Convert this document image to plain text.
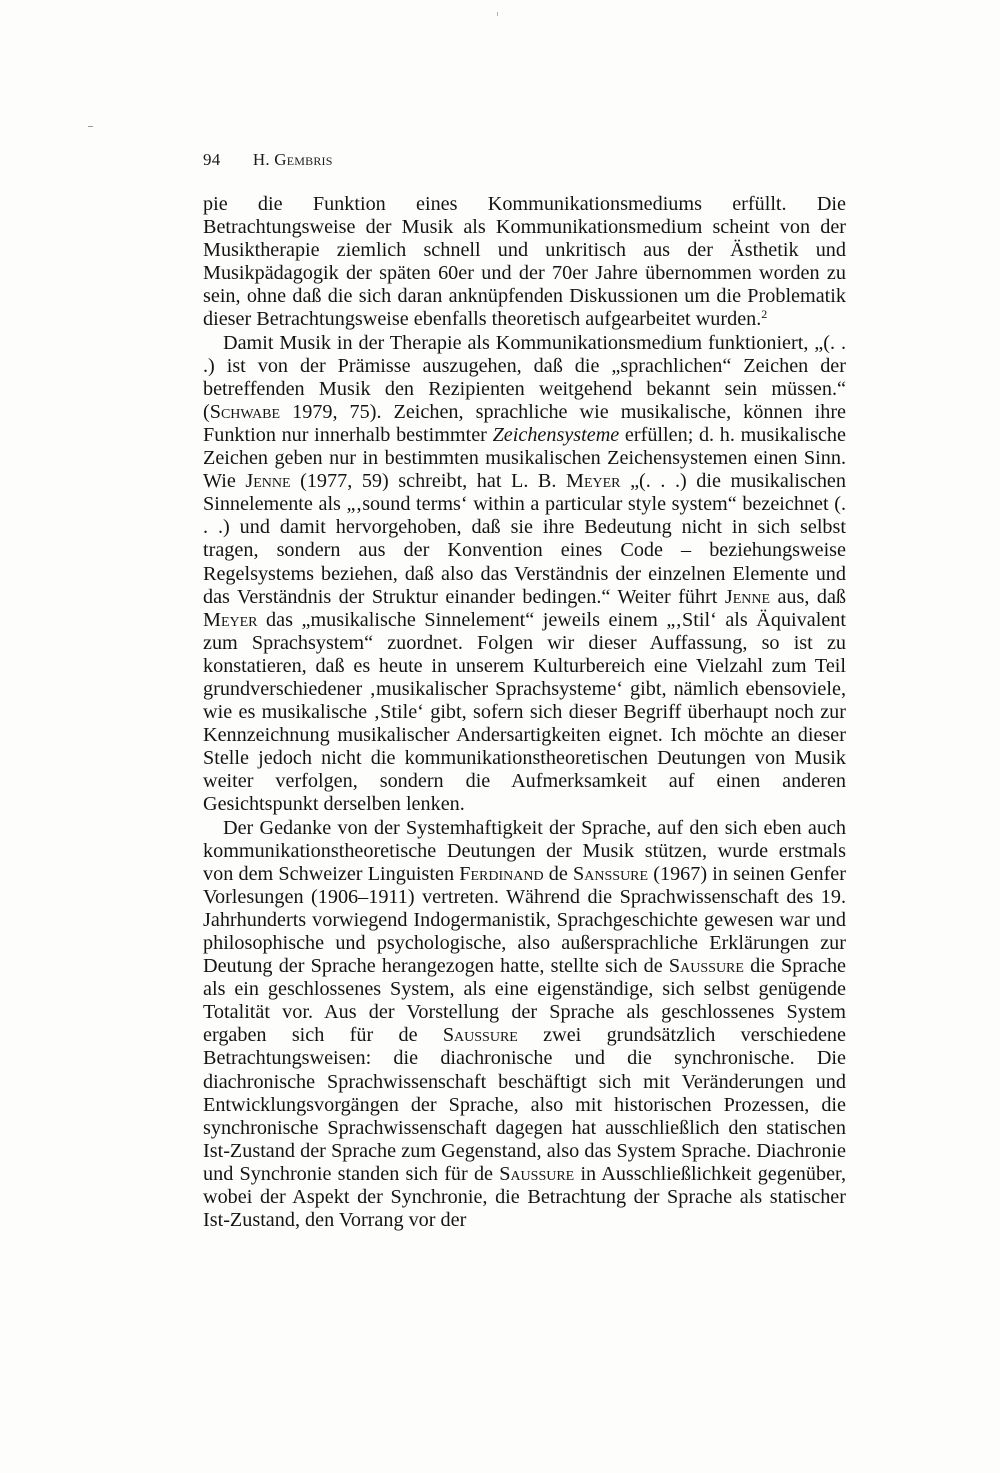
94 H. Gembris

pie die Funktion eines Kommunikationsmediums erfüllt. Die Betrachtungsweise der Musik als Kommunikationsmedium scheint von der Musiktherapie ziemlich schnell und unkritisch aus der Ästhetik und Musikpädagogik der späten 60er und der 70er Jahre übernommen worden zu sein, ohne daß die sich daran anknüpfenden Diskussionen um die Problematik dieser Betrachtungsweise ebenfalls theoretisch aufgearbeitet wurden.$^2$

Damit Musik in der Therapie als Kommunikationsmedium funktioniert, „(. . .) ist von der Prämisse auszugehen, daß die „sprachlichen“ Zeichen der betreffenden Musik den Rezipienten weitgehend bekannt sein müssen.“ (Schwabe 1979, 75). Zeichen, sprachliche wie musikalische, können ihre Funktion nur innerhalb bestimmter Zeichensysteme erfüllen; d. h. musikalische Zeichen geben nur in bestimmten musikalischen Zeichensystemen einen Sinn. Wie Jenne (1977, 59) schreibt, hat L. B. Meyer „(. . .) die musikalischen Sinnelemente als „‚sound terms‘ within a particular style system“ bezeichnet (. . .) und damit hervorgehoben, daß sie ihre Bedeutung nicht in sich selbst tragen, sondern aus der Konvention eines Code – beziehungsweise Regelsystems beziehen, daß also das Verständnis der einzelnen Elemente und das Verständnis der Struktur einander bedingen.“ Weiter führt Jenne aus, daß Meyer das „musikalische Sinnelement“ jeweils einem „‚Stil‘ als Äquivalent zum Sprachsystem“ zuordnet. Folgen wir dieser Auffassung, so ist zu konstatieren, daß es heute in unserem Kulturbereich eine Vielzahl zum Teil grundverschiedener ‚musikalischer Sprachsysteme‘ gibt, nämlich ebensoviele, wie es musikalische ‚Stile‘ gibt, sofern sich dieser Begriff überhaupt noch zur Kennzeichnung musikalischer Andersartigkeiten eignet. Ich möchte an dieser Stelle jedoch nicht die kommunikationstheoretischen Deutungen von Musik weiter verfolgen, sondern die Aufmerksamkeit auf einen anderen Gesichtspunkt derselben lenken.

Der Gedanke von der Systemhaftigkeit der Sprache, auf den sich eben auch kommunikationstheoretische Deutungen der Musik stützen, wurde erstmals von dem Schweizer Linguisten Ferdinand de Sanssure (1967) in seinen Genfer Vorlesungen (1906–1911) vertreten. Während die Sprachwissenschaft des 19. Jahrhunderts vorwiegend Indogermanistik, Sprachgeschichte gewesen war und philosophische und psychologische, also außersprachliche Erklärungen zur Deutung der Sprache herangezogen hatte, stellte sich de Saussure die Sprache als ein geschlossenes System, als eine eigenständige, sich selbst genügende Totalität vor. Aus der Vorstellung der Sprache als geschlossenes System ergaben sich für de Saussure zwei grundsätzlich verschiedene Betrachtungsweisen: die diachronische und die synchronische. Die diachronische Sprachwissenschaft beschäftigt sich mit Veränderungen und Entwicklungsvorgängen der Sprache, also mit historischen Prozessen, die synchronische Sprachwissenschaft dagegen hat ausschließlich den statischen Ist-Zustand der Sprache zum Gegenstand, also das System Sprache. Diachronie und Synchronie standen sich für de Saussure in Ausschließlichkeit gegenüber, wobei der Aspekt der Synchronie, die Betrachtung der Sprache als statischer Ist-Zustand, den Vorrang vor der
